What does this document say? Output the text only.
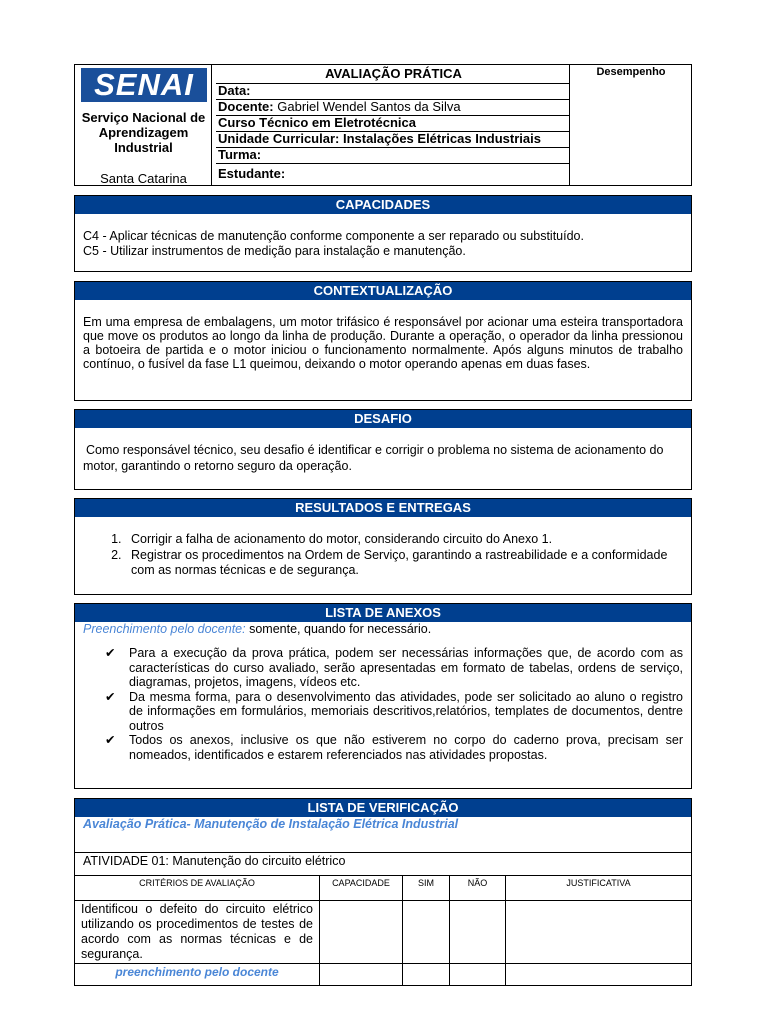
SENAI
Serviço Nacional de Aprendizagem Industrial
Santa Catarina
AVALIAÇÃO PRÁTICA
Data:
Docente: Gabriel Wendel Santos da Silva
Curso Técnico em Eletrotécnica
Unidade Curricular: Instalações Elétricas Industriais
Turma:
Estudante:
Desempenho
CAPACIDADES
C4 - Aplicar técnicas de manutenção conforme componente a ser reparado ou substituído.
C5 - Utilizar instrumentos de medição para instalação e manutenção.
CONTEXTUALIZAÇÃO
Em uma empresa de embalagens, um motor trifásico é responsável por acionar uma esteira transportadora que move os produtos ao longo da linha de produção. Durante a operação, o operador da linha pressionou a botoeira de partida e o motor iniciou o funcionamento normalmente. Após alguns minutos de trabalho contínuo, o fusível da fase L1 queimou, deixando o motor operando apenas em duas fases.
DESAFIO
Como responsável técnico, seu desafio é identificar e corrigir o problema no sistema de acionamento do motor, garantindo o retorno seguro da operação.
RESULTADOS E ENTREGAS
1. Corrigir a falha de acionamento do motor, considerando circuito do Anexo 1.
2. Registrar os procedimentos na Ordem de Serviço, garantindo a rastreabilidade e a conformidade com as normas técnicas e de segurança.
LISTA DE ANEXOS
Preenchimento pelo docente: somente, quando for necessário.
✔ Para a execução da prova prática, podem ser necessárias informações que, de acordo com as características do curso avaliado, serão apresentadas em formato de tabelas, ordens de serviço, diagramas, projetos, imagens, vídeos etc.
✔ Da mesma forma, para o desenvolvimento das atividades, pode ser solicitado ao aluno o registro de informações em formulários, memoriais descritivos,relatórios, templates de documentos, dentre outros
✔ Todos os anexos, inclusive os que não estiverem no corpo do caderno prova, precisam ser nomeados, identificados e estarem referenciados nas atividades propostas.
LISTA DE VERIFICAÇÃO
Avaliação Prática- Manutenção de Instalação Elétrica Industrial
ATIVIDADE 01: Manutenção do circuito elétrico
CRITÉRIOS DE AVALIAÇÃO	CAPACIDADE	SIM	NÃO	JUSTIFICATIVA
Identificou o defeito do circuito elétrico utilizando os procedimentos de testes de acordo com as normas técnicas e de segurança.				
preenchimento pelo docente				
